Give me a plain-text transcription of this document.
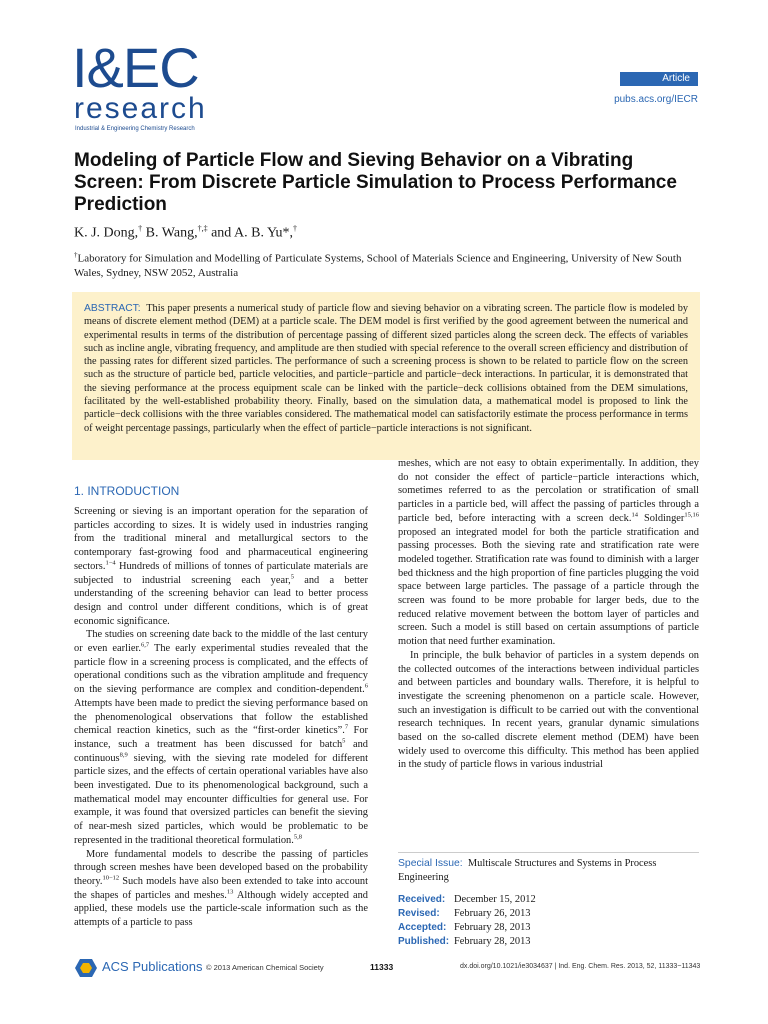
I&EC
research
Industrial & Engineering Chemistry Research
Article
pubs.acs.org/IECR
Modeling of Particle Flow and Sieving Behavior on a Vibrating Screen: From Discrete Particle Simulation to Process Performance Prediction
K. J. Dong,† B. Wang,†,‡ and A. B. Yu*,†
†Laboratory for Simulation and Modelling of Particulate Systems, School of Materials Science and Engineering, University of New South Wales, Sydney, NSW 2052, Australia
ABSTRACT: This paper presents a numerical study of particle flow and sieving behavior on a vibrating screen. The particle flow is modeled by means of discrete element method (DEM) at a particle scale. The DEM model is first verified by the good agreement between the numerical and experimental results in terms of the distribution of percentage passing of different sized particles along the screen deck. The effects of variables such as incline angle, vibrating frequency, and amplitude are then studied with special reference to the overall screen efficiency and distribution of the passing rates for different sized particles. The performance of such a screening process is shown to be related to particle flow on the screen such as the structure of particle bed, particle velocities, and particle−particle and particle−deck interactions. In particular, it is demonstrated that the sieving performance at the process equipment scale can be linked with the particle−deck collisions obtained from the DEM simulations, facilitated by the well-established probability theory. Finally, based on the simulation data, a mathematical model is proposed to link the particle−deck collisions with the three variables considered. The mathematical model can satisfactorily estimate the process performance in terms of weight percentage passings, particularly when the effect of particle−particle interactions is not significant.
1. INTRODUCTION

Screening or sieving is an important operation for the separation of particles according to sizes. It is widely used in industries ranging from the traditional mineral and metallurgical sectors to the contemporary fast-growing food and pharmaceutical engineering sectors.$^{1-4}$ Hundreds of millions of tonnes of particulate materials are subjected to industrial screening each year,$^5$ and a better understanding of the screening behavior can lead to better process design and control under different conditions, which is of great economic significance.

The studies on screening date back to the middle of the last century or even earlier.$^{6,7}$ The early experimental studies revealed that the particle flow in a screening process is complicated, and the effects of operational conditions such as the vibration amplitude and frequency on the sieving performance are complex and condition-dependent.$^6$ Attempts have been made to predict the sieving performance based on the phenomenological observations that follow the established chemical reaction kinetics, such as the “first-order kinetics”.$^7$ For instance, such a treatment has been discussed for batch$^5$ and continuous$^{8,9}$ sieving, with the sieving rate modeled for different particle sizes, and the effects of certain operational variables have also been investigated. Due to its phenomenological background, such a mathematical model may encounter difficulties for general use. For example, it was found that oversized particles can benefit the sieving of near-mesh sized particles, which would be problematic to be represented in the traditional theoretical formulation.$^{5,8}$

More fundamental models to describe the passing of particles through screen meshes have been developed based on the probability theory.$^{10-12}$ Such models have also been extended to take into account the shapes of particles and meshes.$^{13}$ Although widely accepted and applied, these models use the particle-scale information such as the attempts of a particle to pass

meshes, which are not easy to obtain experimentally. In addition, they do not consider the effect of particle−particle interactions which, sometimes referred to as the percolation or stratification of small particles in a particle bed, will affect the passing of particles through a particle bed, before interacting with a screen deck.$^{14}$ Soldinger$^{15,16}$ proposed an integrated model for both the particle stratification and passing processes. Both the sieving rate and stratification rate were modeled together. Stratification rate was found to diminish with a larger bed thickness and the high proportion of fine particles plugging the void space between large particles. The passage of a particle through the screen was found to be more probable for larger beds, due to the reduced relative movement between the bottom layer of particles and screen. Such a model is still based on certain assumptions of particle motion that need further examination.

In principle, the bulk behavior of particles in a system depends on the collected outcomes of the interactions between individual particles and between particles and boundary walls. Therefore, it is helpful to investigate the screening phenomenon on a particle scale. However, such an investigation is difficult to be carried out with the conventional research techniques. In recent years, granular dynamic simulations based on the so-called discrete element method (DEM) have been widely used to overcome this difficulty. This method has been applied in the study of particle flows in various industrial

Special Issue: Multiscale Structures and Systems in Process Engineering
Received: December 15, 2012
Revised:	February 26, 2013
Accepted: February 28, 2013
Published: February 28, 2013
ACS Publications © 2013 American Chemical Society	11333	dx.doi.org/10.1021/ie3034637 | Ind. Eng. Chem. Res. 2013, 52, 11333−11343
